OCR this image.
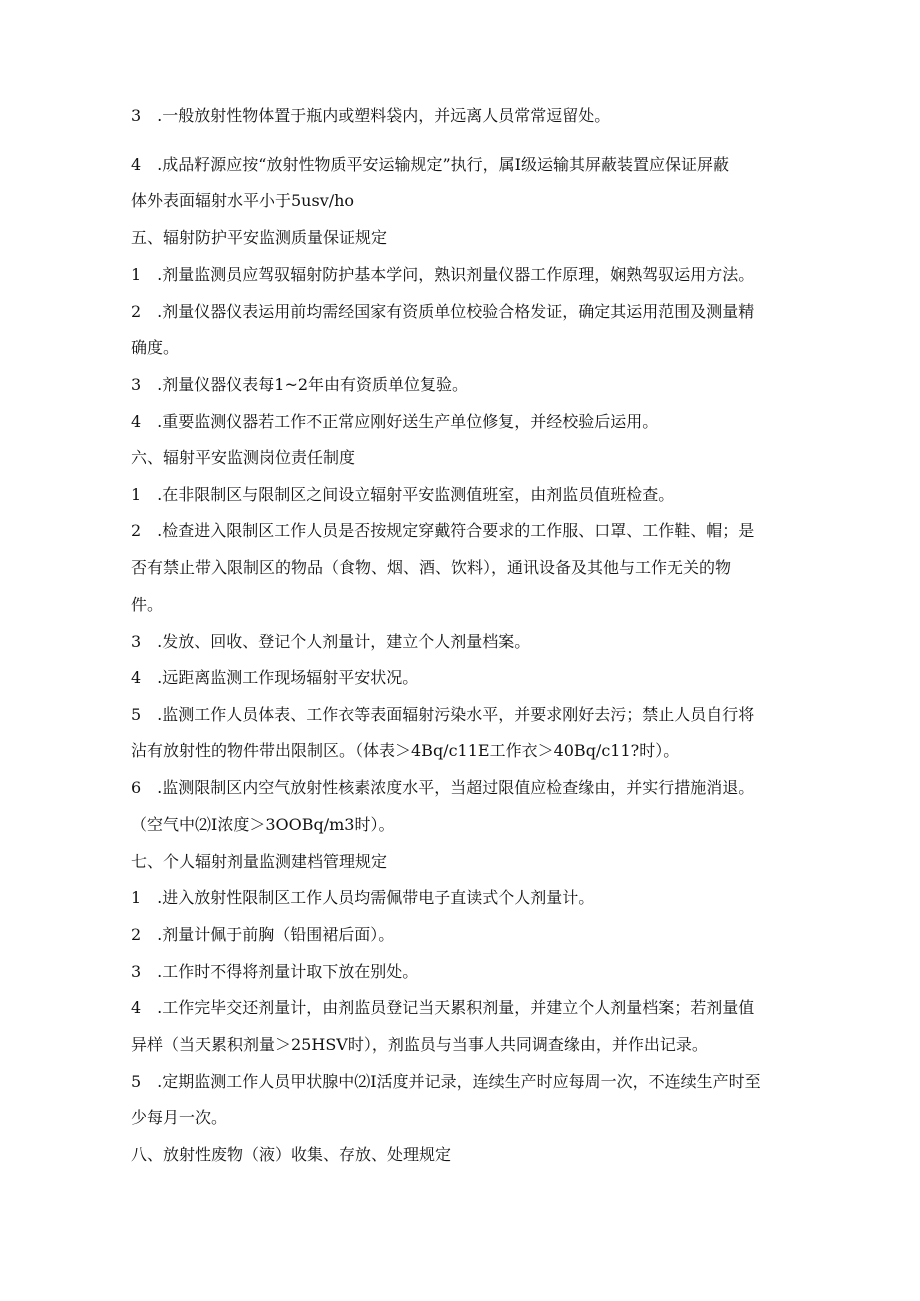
3　.一般放射性物体置于瓶内或塑料袋内，并远离人员常常逗留处。

4　.成品籽源应按“放射性物质平安运输规定”执行，属I级运输其屏蔽装置应保证屏蔽

体外表面辐射水平小于5usv/ho

五、辐射防护平安监测质量保证规定

1　.剂量监测员应驾驭辐射防护基本学问，熟识剂量仪器工作原理，娴熟驾驭运用方法。

2　.剂量仪器仪表运用前均需经国家有资质单位校验合格发证，确定其运用范围及测量精

确度。

3　.剂量仪器仪表每1~2年由有资质单位复验。

4　.重要监测仪器若工作不正常应刚好送生产单位修复，并经校验后运用。

六、辐射平安监测岗位责任制度

1　.在非限制区与限制区之间设立辐射平安监测值班室，由剂监员值班检查。

2　.检查进入限制区工作人员是否按规定穿戴符合要求的工作服、口罩、工作鞋、帽；是

否有禁止带入限制区的物品（食物、烟、酒、饮料），通讯设备及其他与工作无关的物

件。

3　.发放、回收、登记个人剂量计，建立个人剂量档案。

4　.远距离监测工作现场辐射平安状况。

5　.监测工作人员体表、工作衣等表面辐射污染水平，并要求刚好去污；禁止人员自行将

沾有放射性的物件带出限制区。（体表＞4Bq∕c11E工作衣＞40Bq∕c11?时）。

6　.监测限制区内空气放射性核素浓度水平，当超过限值应检查缘由，并实行措施消退。

（空气中⑵I浓度＞3OOBq∕m3时）。

七、个人辐射剂量监测建档管理规定

1　.进入放射性限制区工作人员均需佩带电子直读式个人剂量计。

2　.剂量计佩于前胸（铅围裙后面）。

3　.工作时不得将剂量计取下放在别处。

4　.工作完毕交还剂量计，由剂监员登记当天累积剂量，并建立个人剂量档案；若剂量值

异样（当天累积剂量＞25HSV时），剂监员与当事人共同调查缘由，并作出记录。

5　.定期监测工作人员甲状腺中⑵I活度并记录，连续生产时应每周一次，不连续生产时至

少每月一次。

八、放射性废物（液）收集、存放、处理规定
